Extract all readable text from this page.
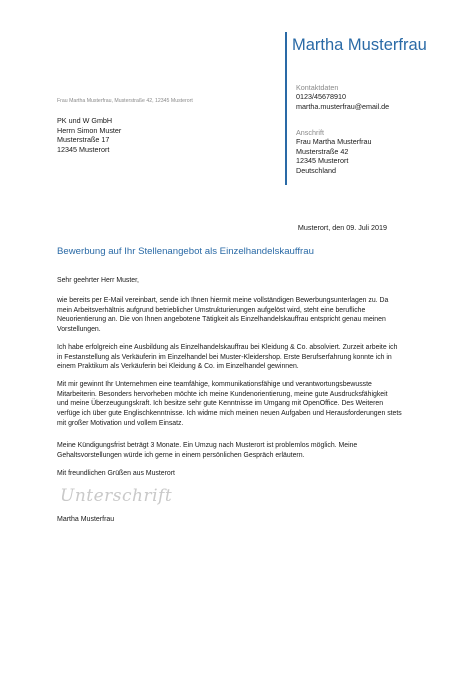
Martha Musterfrau
Kontaktdaten
0123/45678910
martha.musterfrau@email.de
Anschrift
Frau Martha Musterfrau
Musterstraße 42
12345 Musterort
Deutschland
Frau Martha Musterfrau, Musterstraße 42, 12345 Musterort
PK und W GmbH
Herrn Simon Muster
Musterstraße 17
12345 Musterort
Musterort, den 09. Juli 2019
Bewerbung auf Ihr Stellenangebot als Einzelhandelskauffrau
Sehr geehrter Herr Muster,
wie bereits per E-Mail vereinbart, sende ich Ihnen hiermit meine vollständigen Bewerbungsunterlagen zu. Da
mein Arbeitsverhältnis aufgrund betrieblicher Umstrukturierungen aufgelöst wird, steht eine berufliche
Neuorientierung an. Die von Ihnen angebotene Tätigkeit als Einzelhandelskauffrau entspricht genau meinen
Vorstellungen.
Ich habe erfolgreich eine Ausbildung als Einzelhandelskauffrau bei Kleidung & Co. absolviert. Zurzeit arbeite ich
in Festanstellung als Verkäuferin im Einzelhandel bei Muster-Kleidershop. Erste Berufserfahrung konnte ich in
einem Praktikum als Verkäuferin bei Kleidung & Co. im Einzelhandel gewinnen.
Mit mir gewinnt Ihr Unternehmen eine teamfähige, kommunikationsfähige und verantwortungsbewusste
Mitarbeiterin. Besonders hervorheben möchte ich meine Kundenorientierung, meine gute Ausdrucksfähigkeit
und meine Überzeugungskraft. Ich besitze sehr gute Kenntnisse im Umgang mit OpenOffice. Des Weiteren
verfüge ich über gute Englischkenntnisse. Ich widme mich meinen neuen Aufgaben und Herausforderungen stets
mit großer Motivation und vollem Einsatz.
Meine Kündigungsfrist beträgt 3 Monate. Ein Umzug nach Musterort ist problemlos möglich. Meine
Gehaltsvorstellungen würde ich gerne in einem persönlichen Gespräch erläutern.
Mit freundlichen Grüßen aus Musterort
Unterschrift
Martha Musterfrau
